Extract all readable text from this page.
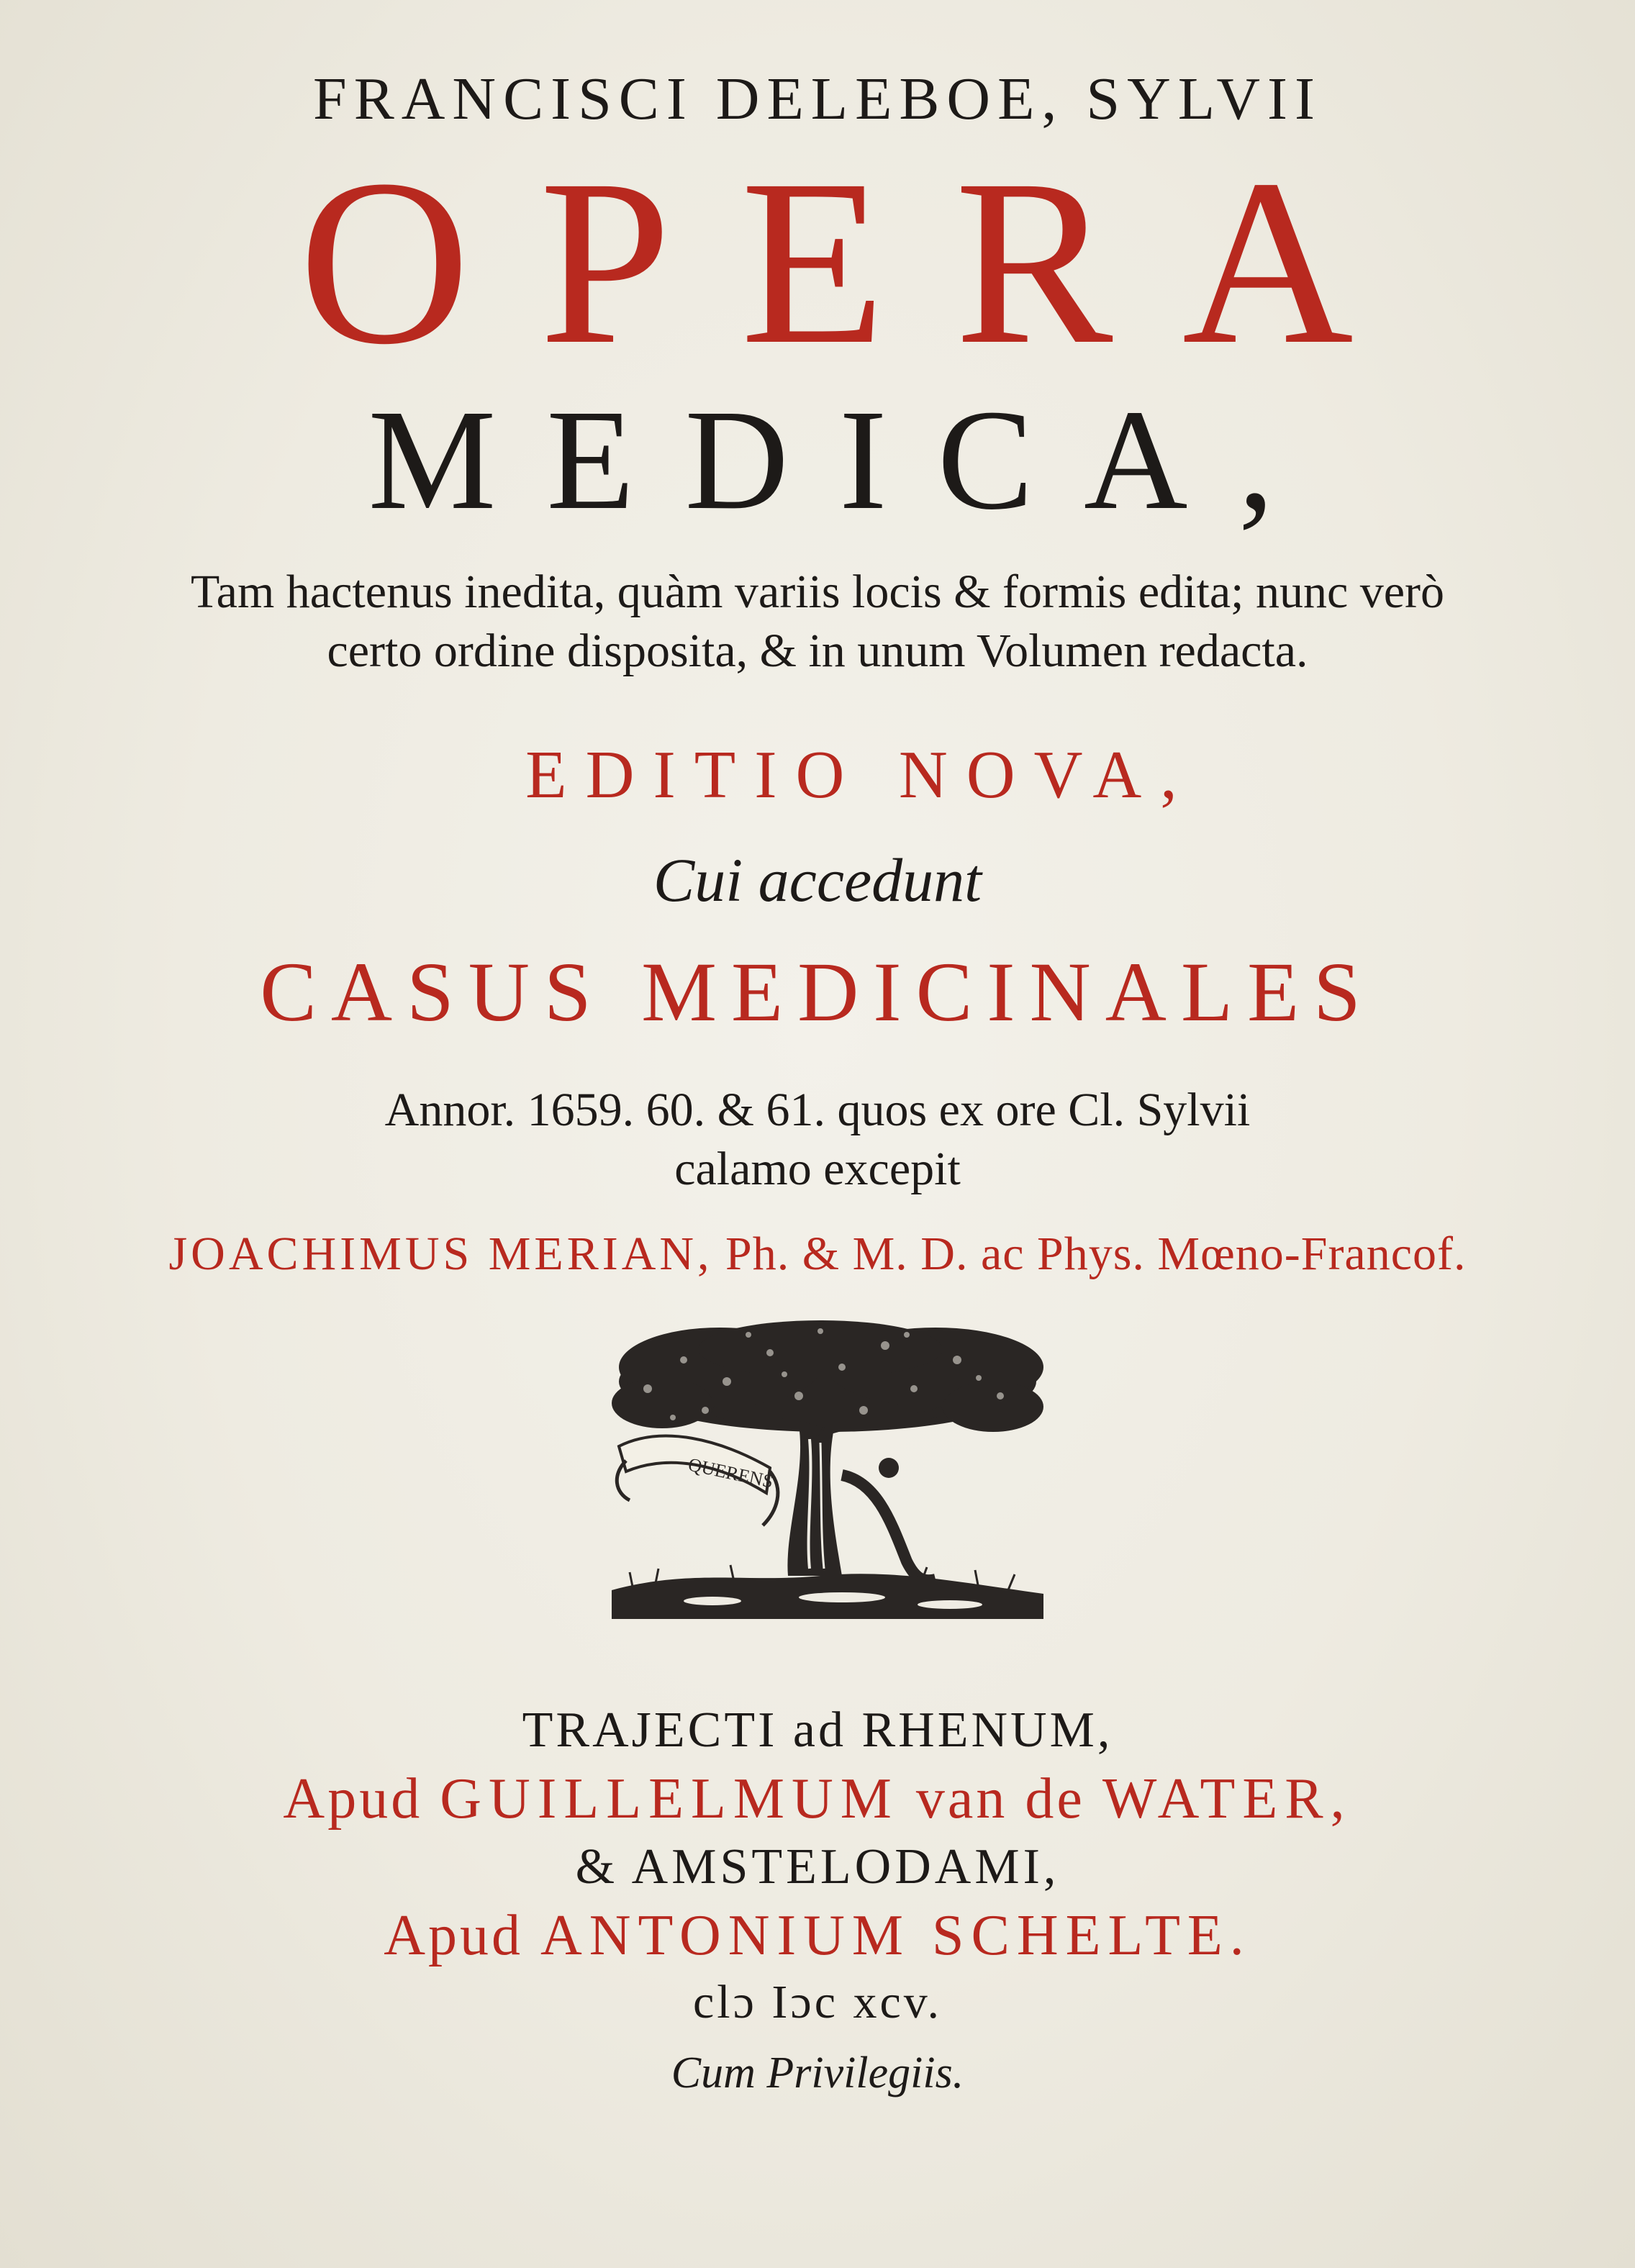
FRANCISCI DELEBOE, SYLVII
OPERA
MEDICA,
Tam hactenus inedita, quàm variis locis & formis edita; nunc verò
certo ordine disposita, & in unum Volumen redacta.
EDITIO NOVA,
Cui accedunt
CASUS MEDICINALES
Annor. 1659. 60. & 61. quos ex ore Cl. Sylvii
calamo excepit
JOACHIMUS MERIAN, Ph. & M. D. ac Phys. Mœno-Francof.
QUERENS
TRAJECTI ad RHENUM,
Apud GUILLELMUM van de WATER,
& AMSTELODAMI,
Apud ANTONIUM SCHELTE.
clɔ Iɔc xcv.
Cum Privilegiis.
